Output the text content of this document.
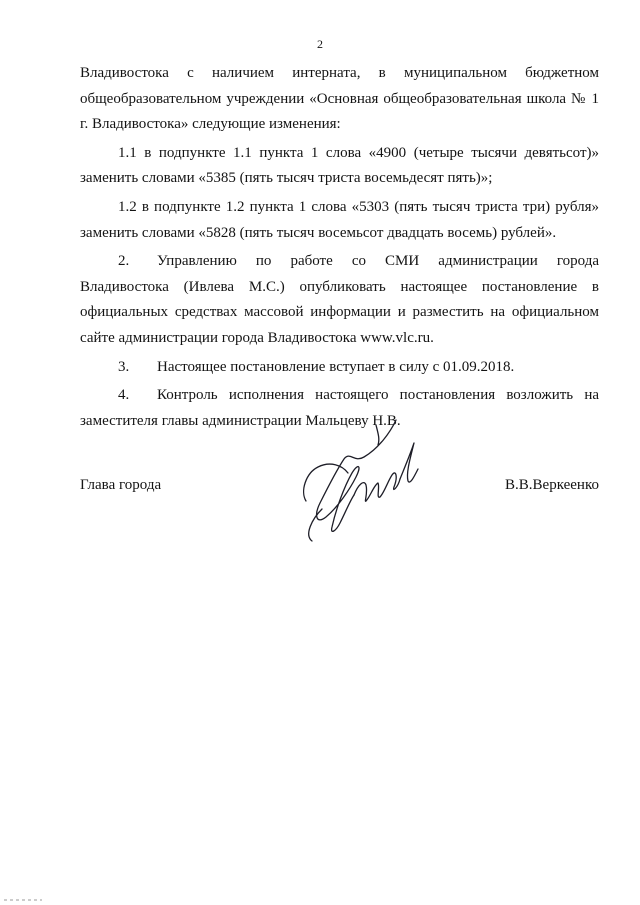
2

Владивостока с наличием интерната, в муниципальном бюджетном общеобразовательном учреждении «Основная общеобразовательная школа № 1 г. Владивостока» следующие изменения:

1.1 в подпункте 1.1 пункта 1 слова «4900 (четыре тысячи девятьсот)» заменить словами «5385 (пять тысяч триста восемьдесят пять)»;

1.2 в подпункте 1.2 пункта 1 слова «5303 (пять тысяч триста три) рубля» заменить словами «5828 (пять тысяч восемьсот двадцать восемь) рублей».

2. Управлению по работе со СМИ администрации города Владивостока (Ивлева М.С.) опубликовать настоящее постановление в официальных средствах массовой информации и разместить на официальном сайте администрации города Владивостока www.vlc.ru.

3. Настоящее постановление вступает в силу с 01.09.2018.

4. Контроль исполнения настоящего постановления возложить на заместителя главы администрации Мальцеву Н.В.

Глава города	В.В.Веркеенко
